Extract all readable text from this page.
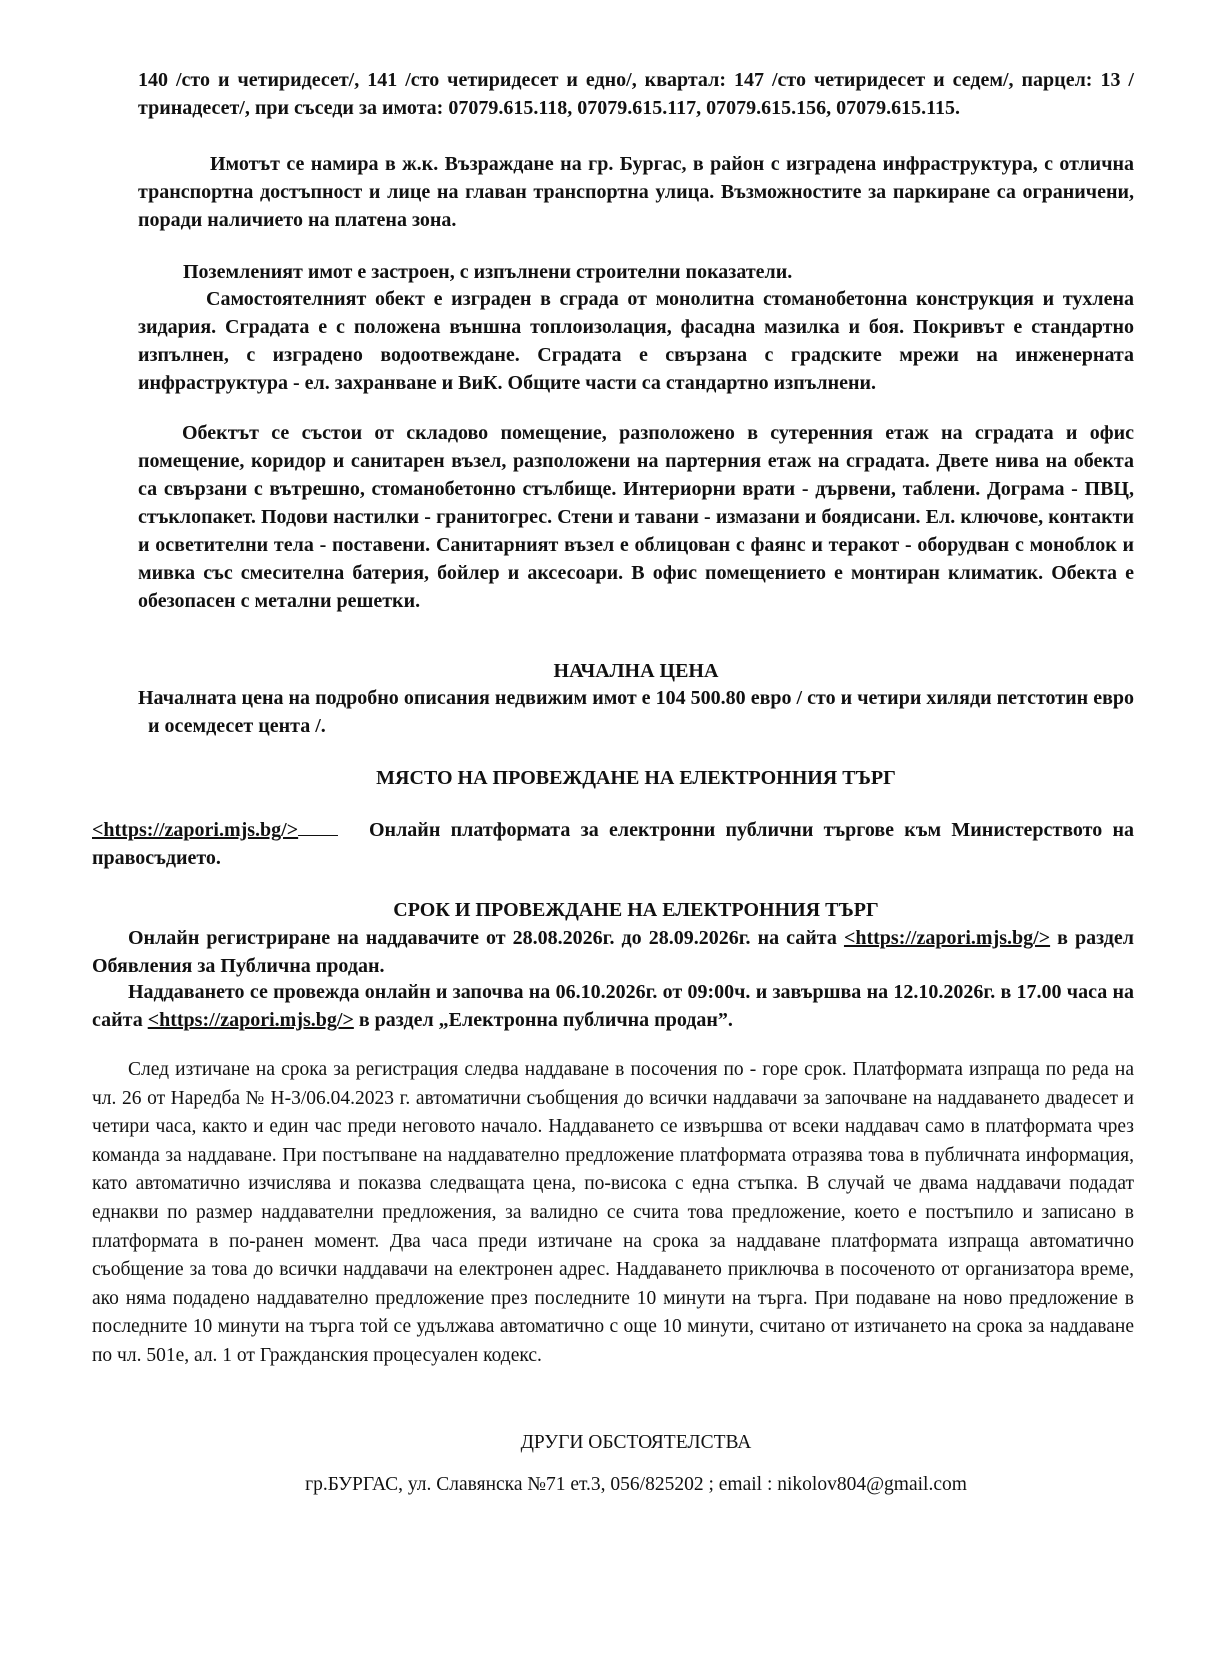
140 /сто и четиридесет/, 141 /сто четиридесет и едно/, квартал: 147 /сто четиридесет и седем/, парцел: 13 /тринадесет/, при съседи за имота: 07079.615.118, 07079.615.117, 07079.615.156, 07079.615.115.

Имотът се намира в ж.к. Възраждане на гр. Бургас, в район с изградена инфраструктура, с отлична транспортна достъпност и лице на главан транспортна улица. Възможностите за паркиране са ограничени, поради наличието на платена зона.

Поземленият имот е застроен, с изпълнени строителни показатели.

Самостоятелният обект е изграден в сграда от монолитна стоманобетонна конструкция и тухлена зидария. Сградата е с положена външна топлоизолация, фасадна мазилка и боя. Покривът е стандартно изпълнен, с изградено водоотвеждане. Сградата е свързана с градските мрежи на инженерната инфраструктура - ел. захранване и ВиК. Общите части са стандартно изпълнени.

Обектът се състои от складово помещение, разположено в сутеренния етаж на сградата и офис помещение, коридор и санитарен възел, разположени на партерния етаж на сградата. Двете нива на обекта са свързани с вътрешно, стоманобетонно стълбище. Интериорни врати - дървени, таблени. Дограма - ПВЦ, стъклопакет. Подови настилки - гранитогрес. Стени и тавани - измазани и боядисани. Ел. ключове, контакти и осветителни тела - поставени. Санитарният възел е облицован с фаянс и теракот - оборудван с моноблок и мивка със смесителна батерия, бойлер и аксесоари. В офис помещението е монтиран климатик. Обекта е обезопасен с метални решетки.

НАЧАЛНА ЦЕНА

Началната цена на подробно описания недвижим имот е 104 500.80 евро / сто и четири хиляди петстотин евро и осемдесет цента /.

МЯСТО НА ПРОВЕЖДАНЕ НА ЕЛЕКТРОННИЯ ТЪРГ

<https://zapori.mjs.bg/>	Онлайн платформата за електронни публични търгове към Министерството на правосъдието.

СРОК И ПРОВЕЖДАНЕ НА ЕЛЕКТРОННИЯ ТЪРГ

Онлайн регистриране на наддавачите от 28.08.2026г. до 28.09.2026г. на сайта <https://zapori.mjs.bg/> в раздел Обявления за Публична продан.

Наддаването се провежда онлайн и започва на 06.10.2026г. от 09:00ч. и завършва на 12.10.2026г. в 17.00 часа на сайта <https://zapori.mjs.bg/> в раздел „Електронна публична продан”.

След изтичане на срока за регистрация следва наддаване в посочения по - горе срок. Платформата изпраща по реда на чл. 26 от Наредба № Н-3/06.04.2023 г. автоматични съобщения до всички наддавачи за започване на наддаването двадесет и четири часа, както и един час преди неговото начало. Наддаването се извършва от всеки наддавач само в платформата чрез команда за наддаване. При постъпване на наддавателно предложение платформата отразява това в публичната информация, като автоматично изчислява и показва следващата цена, по-висока с една стъпка. В случай че двама наддавачи подадат еднакви по размер наддавателни предложения, за валидно се счита това предложение, което е постъпило и записано в платформата в по-ранен момент. Два часа преди изтичане на срока за наддаване платформата изпраща автоматично съобщение за това до всички наддавачи на електронен адрес. Наддаването приключва в посоченото от организатора време, ако няма подадено наддавателно предложение през последните 10 минути на търга. При подаване на ново предложение в последните 10 минути на търга той се удължава автоматично с още 10 минути, считано от изтичането на срока за наддаване по чл. 501е, ал. 1 от Гражданския процесуален кодекс.

ДРУГИ ОБСТОЯТЕЛСТВА

гр.БУРГАС, ул. Славянска №71 ет.3, 056/825202 ; email : nikolov804@gmail.com
